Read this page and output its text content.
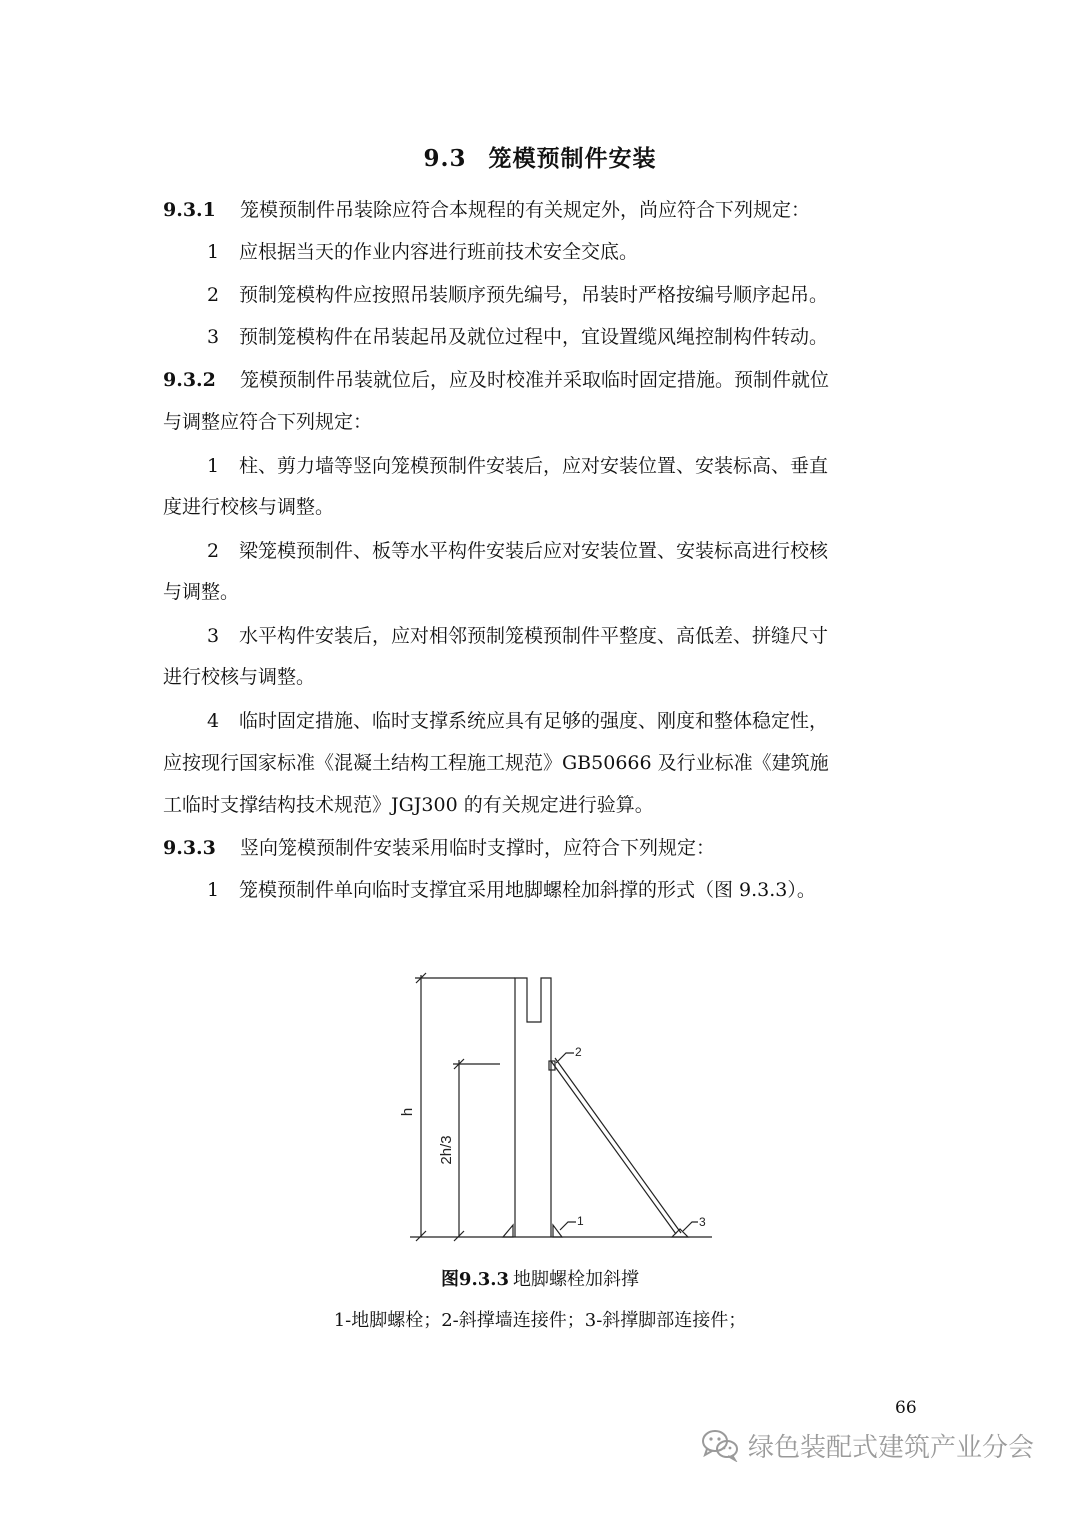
9.3 笼模预制件安装
9.3.1 笼模预制件吊装除应符合本规程的有关规定外，尚应符合下列规定：
1 应根据当天的作业内容进行班前技术安全交底。
2 预制笼模构件应按照吊装顺序预先编号，吊装时严格按编号顺序起吊。
3 预制笼模构件在吊装起吊及就位过程中，宜设置缆风绳控制构件转动。
9.3.2 笼模预制件吊装就位后，应及时校准并采取临时固定措施。预制件就位
与调整应符合下列规定：
1 柱、剪力墙等竖向笼模预制件安装后，应对安装位置、安装标高、垂直
度进行校核与调整。
2 梁笼模预制件、板等水平构件安装后应对安装位置、安装标高进行校核
与调整。
3 水平构件安装后，应对相邻预制笼模预制件平整度、高低差、拼缝尺寸
进行校核与调整。
4 临时固定措施、临时支撑系统应具有足够的强度、刚度和整体稳定性，
应按现行国家标准《混凝土结构工程施工规范》GB50666 及行业标准《建筑施
工临时支撑结构技术规范》JGJ300 的有关规定进行验算。
9.3.3 竖向笼模预制件安装采用临时支撑时，应符合下列规定：
1 笼模预制件单向临时支撑宜采用地脚螺栓加斜撑的形式（图 9.3.3）。
2
1	3
h
2h/3
图9.3.3 地脚螺栓加斜撑
1-地脚螺栓；2-斜撑墙连接件；3-斜撑脚部连接件；
66
绿色装配式建筑产业分会
